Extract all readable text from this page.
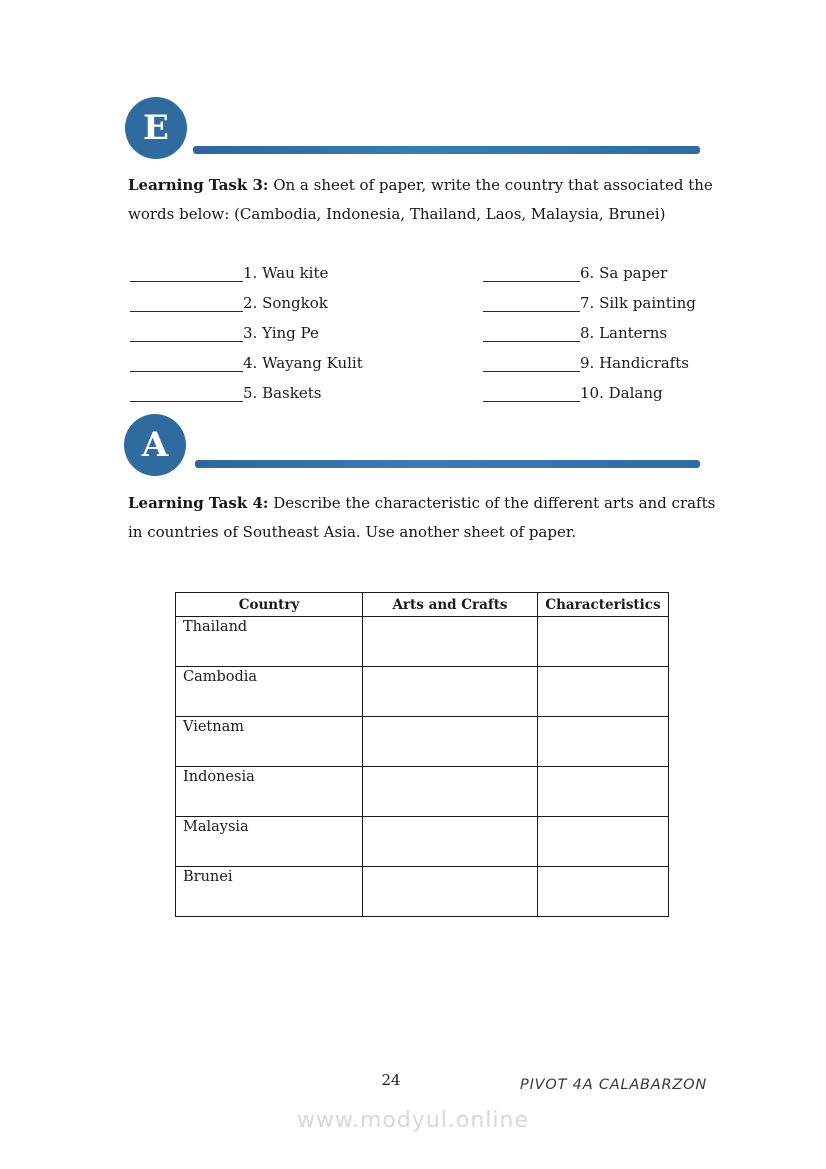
E

Learning Task 3: On a sheet of paper, write the country that associated the words below: (Cambodia, Indonesia, Thailand, Laos, Malaysia, Brunei)

1. Wau kite
2. Songkok
3. Ying Pe
4. Wayang Kulit
5. Baskets
6. Sa paper
7. Silk painting
8. Lanterns
9. Handicrafts
10. Dalang
A

Learning Task 4: Describe the characteristic of the different arts and crafts in countries of Southeast Asia. Use another sheet of paper.

Country	Arts and Crafts	Characteristics
Thailand		
Cambodia		
Vietnam		
Indonesia		
Malaysia		
Brunei		
24	PIVOT 4A CALABARZON
www.modyul.online
